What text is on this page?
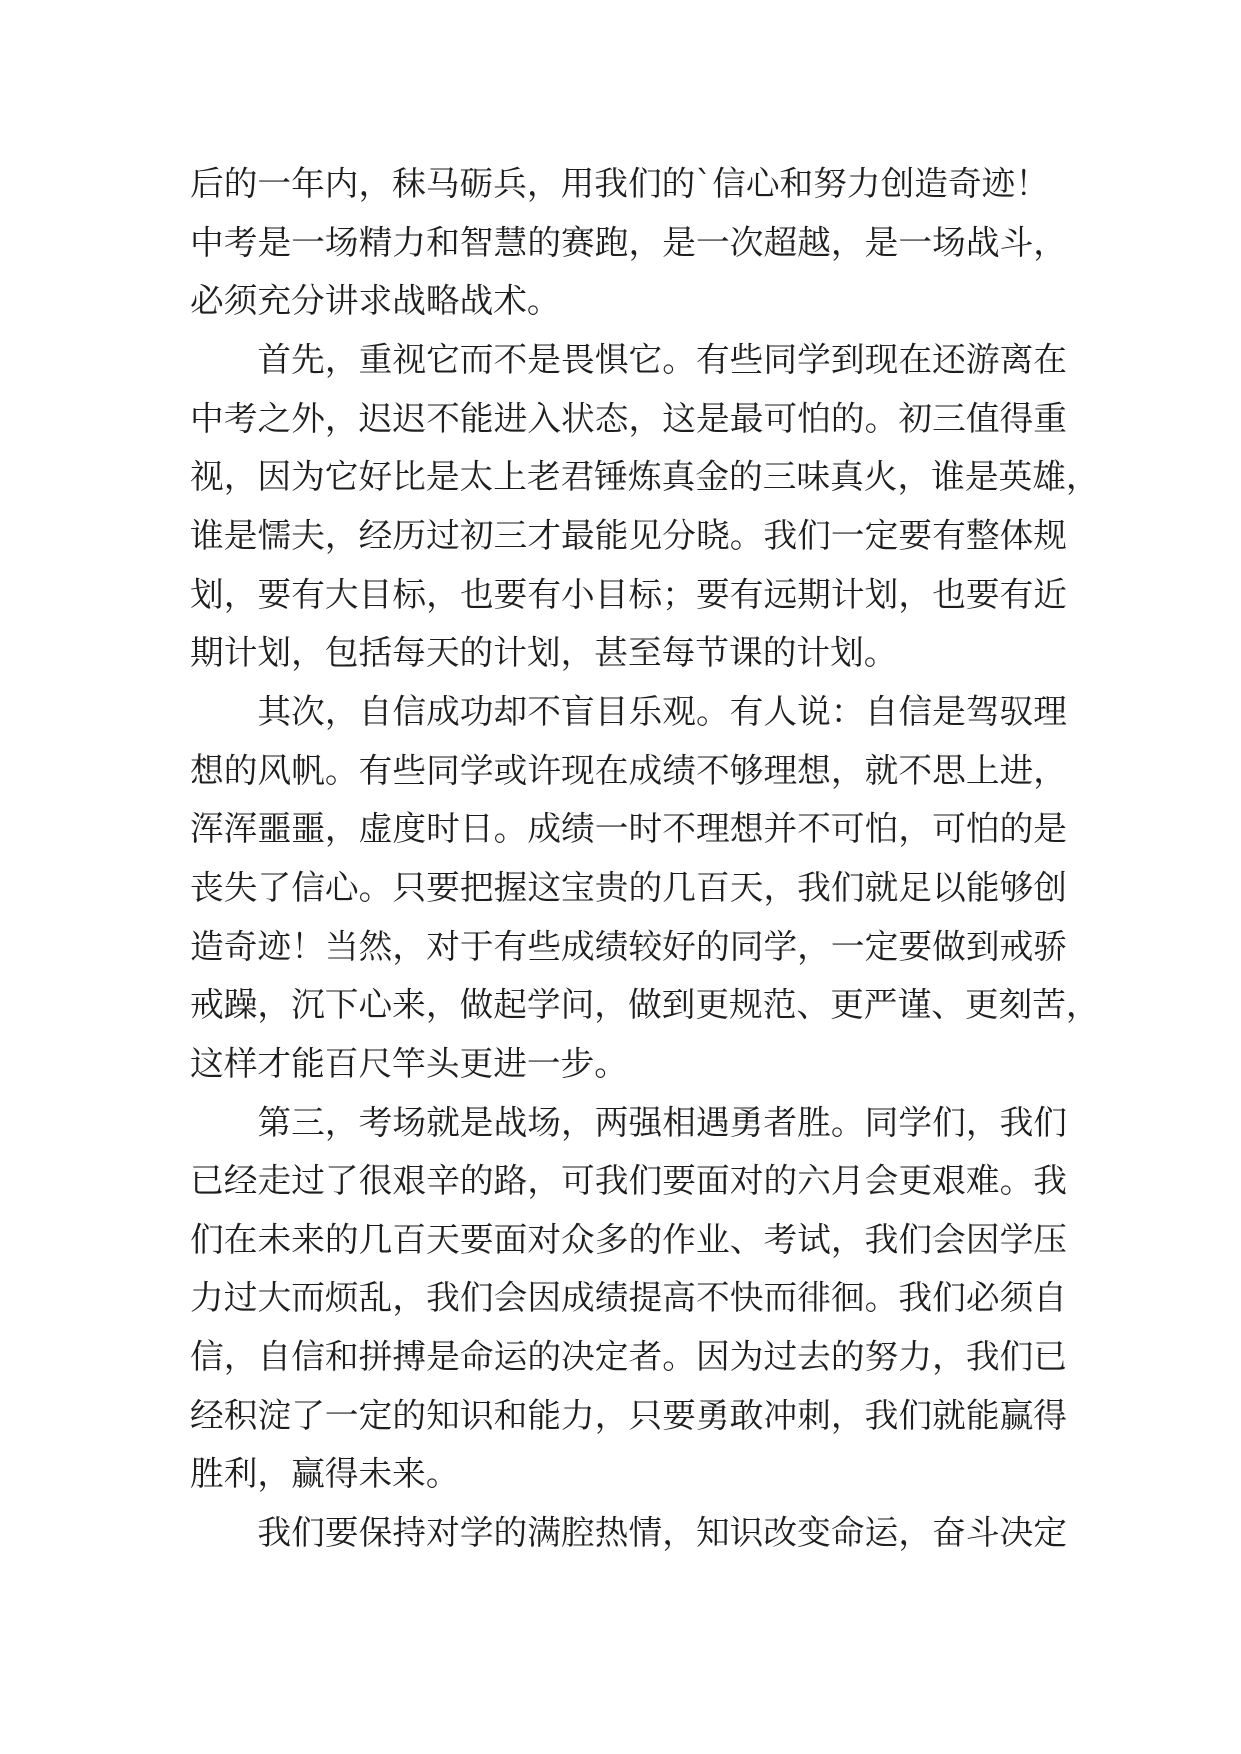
后的一年内，秣马砺兵，用我们的`信心和努力创造奇迹！
中考是一场精力和智慧的赛跑，是一次超越，是一场战斗，
必须充分讲求战略战术。
首先，重视它而不是畏惧它。有些同学到现在还游离在
中考之外，迟迟不能进入状态，这是最可怕的。初三值得重
视，因为它好比是太上老君锤炼真金的三味真火，谁是英雄，
谁是懦夫，经历过初三才最能见分晓。我们一定要有整体规
划，要有大目标，也要有小目标；要有远期计划，也要有近
期计划，包括每天的计划，甚至每节课的计划。
其次，自信成功却不盲目乐观。有人说：自信是驾驭理
想的风帆。有些同学或许现在成绩不够理想，就不思上进，
浑浑噩噩，虚度时日。成绩一时不理想并不可怕，可怕的是
丧失了信心。只要把握这宝贵的几百天，我们就足以能够创
造奇迹！当然，对于有些成绩较好的同学，一定要做到戒骄
戒躁，沉下心来，做起学问，做到更规范、更严谨、更刻苦，
这样才能百尺竿头更进一步。
第三，考场就是战场，两强相遇勇者胜。同学们，我们
已经走过了很艰辛的路，可我们要面对的六月会更艰难。我
们在未来的几百天要面对众多的作业、考试，我们会因学压
力过大而烦乱，我们会因成绩提高不快而徘徊。我们必须自
信，自信和拼搏是命运的决定者。因为过去的努力，我们已
经积淀了一定的知识和能力，只要勇敢冲刺，我们就能赢得
胜利，赢得未来。
我们要保持对学的满腔热情，知识改变命运，奋斗决定
